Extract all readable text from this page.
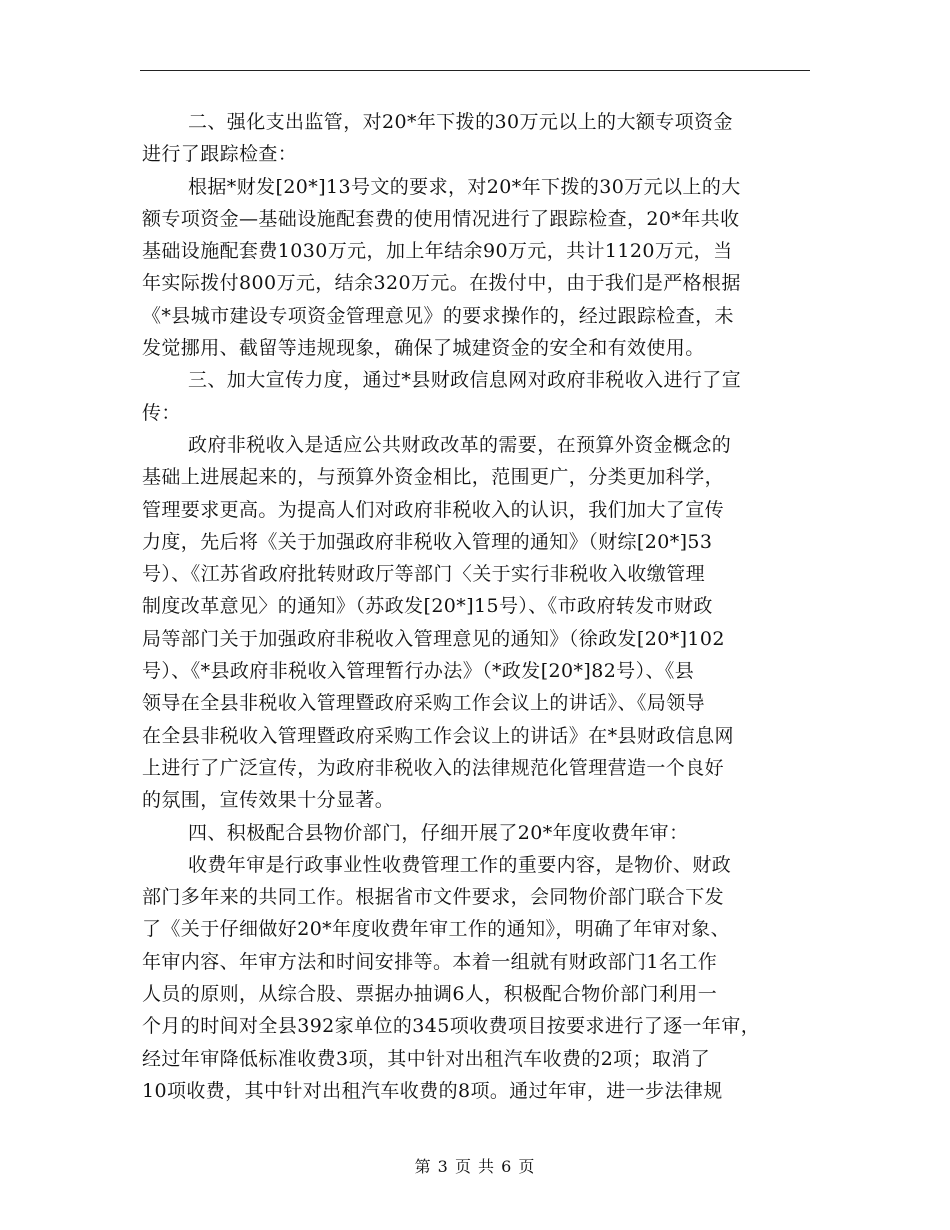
二、强化支出监管，对20*年下拨的30万元以上的大额专项资金
进行了跟踪检查：
根据*财发[20*]13号文的要求，对20*年下拨的30万元以上的大
额专项资金—基础设施配套费的使用情况进行了跟踪检查，20*年共收
基础设施配套费1030万元，加上年结余90万元，共计1120万元，当
年实际拨付800万元，结余320万元。在拨付中，由于我们是严格根据
《*县城市建设专项资金管理意见》的要求操作的，经过跟踪检查，未
发觉挪用、截留等违规现象，确保了城建资金的安全和有效使用。
三、加大宣传力度，通过*县财政信息网对政府非税收入进行了宣
传：
政府非税收入是适应公共财政改革的需要，在预算外资金概念的
基础上进展起来的，与预算外资金相比，范围更广，分类更加科学，
管理要求更高。为提高人们对政府非税收入的认识，我们加大了宣传
力度，先后将《关于加强政府非税收入管理的通知》（财综[20*]53
号）、《江苏省政府批转财政厅等部门〈关于实行非税收入收缴管理
制度改革意见〉的通知》（苏政发[20*]15号）、《市政府转发市财政
局等部门关于加强政府非税收入管理意见的通知》（徐政发[20*]102
号）、《*县政府非税收入管理暂行办法》（*政发[20*]82号）、《县
领导在全县非税收入管理暨政府采购工作会议上的讲话》、《局领导
在全县非税收入管理暨政府采购工作会议上的讲话》在*县财政信息网
上进行了广泛宣传，为政府非税收入的法律规范化管理营造一个良好
的氛围，宣传效果十分显著。
四、积极配合县物价部门，仔细开展了20*年度收费年审：
收费年审是行政事业性收费管理工作的重要内容，是物价、财政
部门多年来的共同工作。根据省市文件要求，会同物价部门联合下发
了《关于仔细做好20*年度收费年审工作的通知》，明确了年审对象、
年审内容、年审方法和时间安排等。本着一组就有财政部门1名工作
人员的原则，从综合股、票据办抽调6人，积极配合物价部门利用一
个月的时间对全县392家单位的345项收费项目按要求进行了逐一年审，
经过年审降低标准收费3项，其中针对出租汽车收费的2项；取消了
10项收费，其中针对出租汽车收费的8项。通过年审，进一步法律规
第 3 页 共 6 页
